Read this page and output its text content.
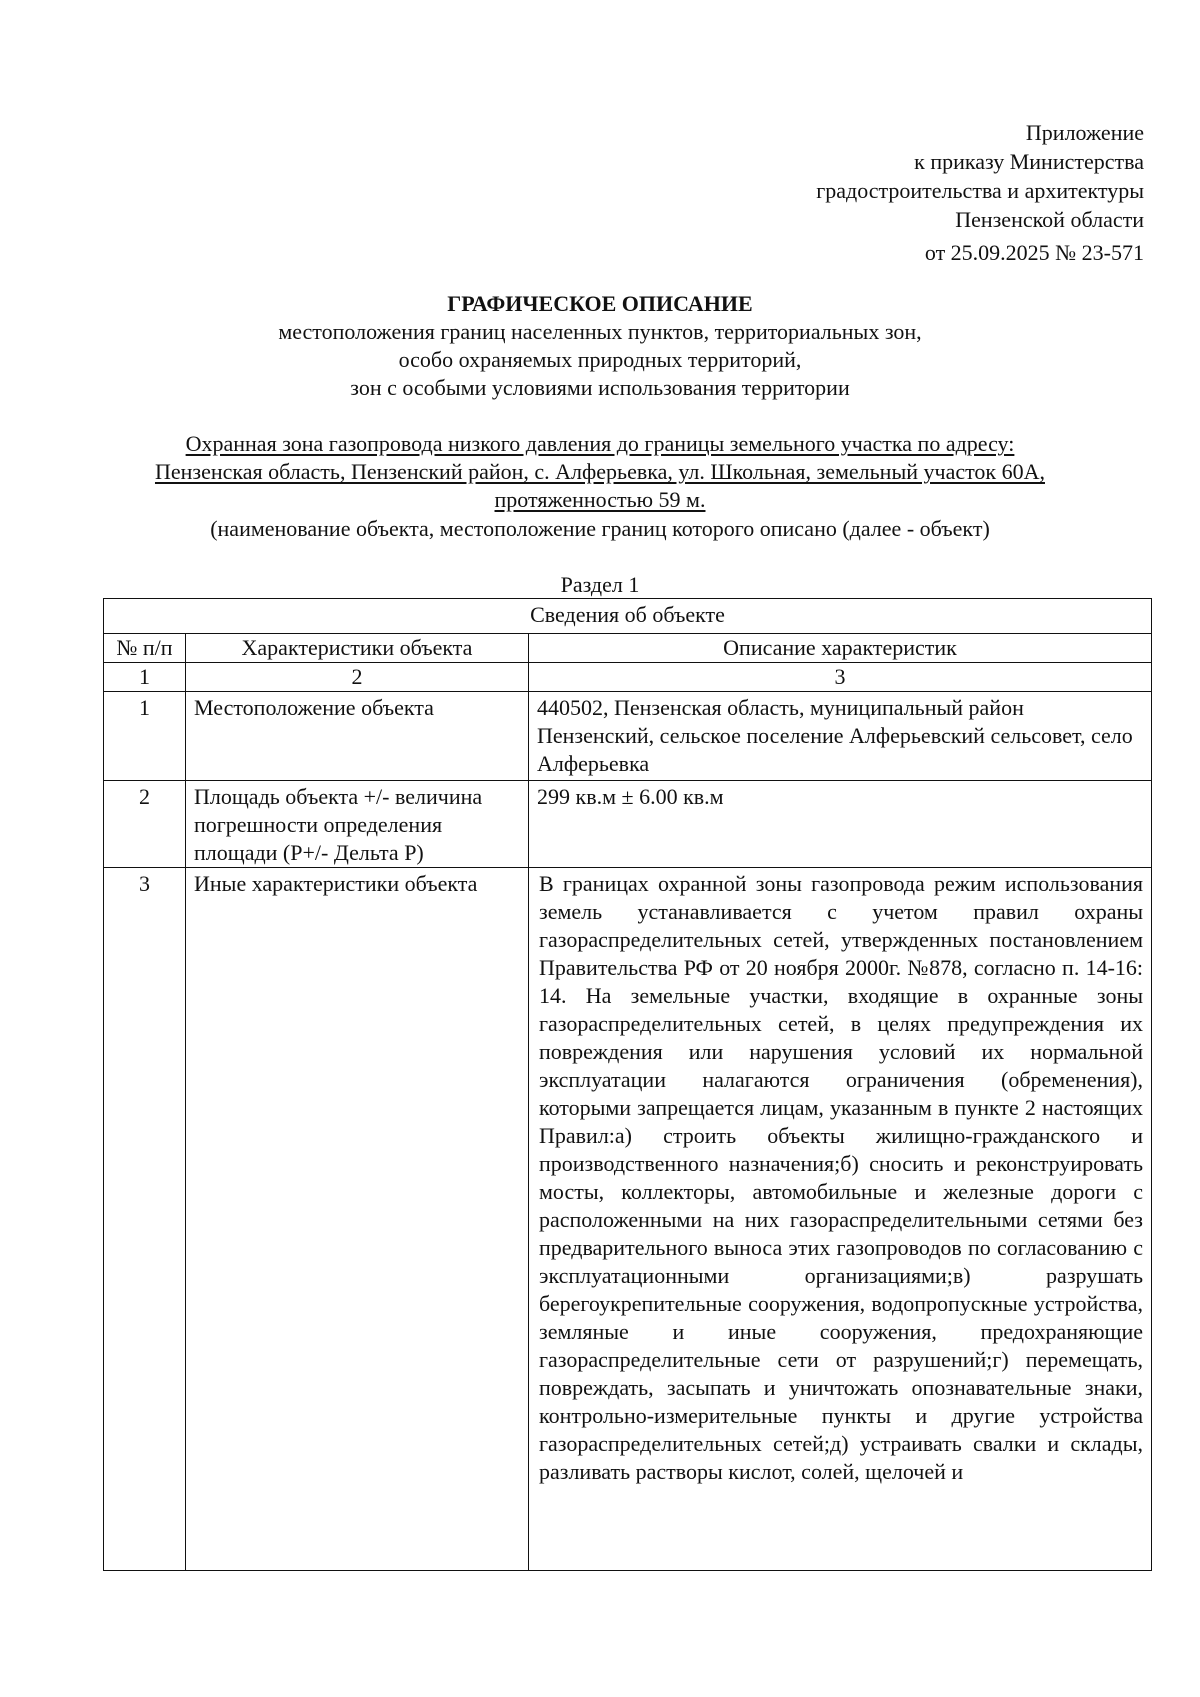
Приложение
к приказу Министерства
градостроительства и архитектуры
Пензенской области
от 25.09.2025 № 23-571
ГРАФИЧЕСКОЕ ОПИСАНИЕ
местоположения границ населенных пунктов, территориальных зон,
особо охраняемых природных территорий,
зон с особыми условиями использования территории
Охранная зона газопровода низкого давления до границы земельного участка по адресу:
Пензенская область, Пензенский район, с. Алферьевка, ул. Школьная, земельный участок 60А,
протяженностью 59 м.
(наименование объекта, местоположение границ которого описано (далее - объект)
Раздел 1
Сведения об объекте		
№ п/п	Характеристики объекта	Описание характеристик
1	2	3
1	Местоположение объекта	440502, Пензенская область, муниципальный район Пензенский, сельское поселение Алферьевский сельсовет, село Алферьевка
2	Площадь объекта +/- величина погрешности определения площади (P+/- Дельта P)	299 кв.м ± 6.00 кв.м
3	Иные характеристики объекта	В границах охранной зоны газопровода режим использования земель устанавливается с учетом правил охраны газораспределительных сетей, утвержденных постановлением Правительства РФ от 20 ноября 2000г. №878, согласно п. 14-16: 14. На земельные участки, входящие в охранные зоны газораспределительных сетей, в целях предупреждения их повреждения или нарушения условий их нормальной эксплуатации налагаются ограничения (обременения), которыми запрещается лицам, указанным в пункте 2 настоящих Правил:а) строить объекты жилищно-гражданского и производственного назначения;б) сносить и реконструировать мосты, коллекторы, автомобильные и железные дороги с расположенными на них газораспределительными сетями без предварительного выноса этих газопроводов по согласованию с эксплуатационными организациями;в) разрушать берегоукрепительные сооружения, водопропускные устройства, земляные и иные сооружения, предохраняющие газораспределительные сети от разрушений;г) перемещать, повреждать, засыпать и уничтожать опознавательные знаки, контрольно-измерительные пункты и другие устройства газораспределительных сетей;д) устраивать свалки и склады, разливать растворы кислот, солей, щелочей и
